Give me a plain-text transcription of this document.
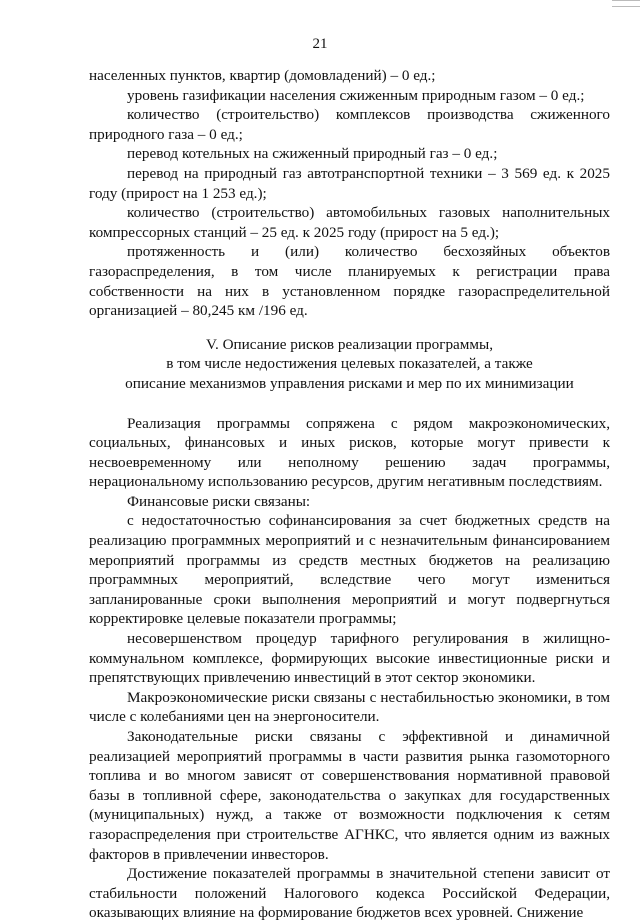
21

населенных пунктов, квартир (домовладений) – 0 ед.;

уровень газификации населения сжиженным природным газом – 0 ед.;

количество (строительство) комплексов производства сжиженного природного газа – 0 ед.;

перевод котельных на сжиженный природный газ – 0 ед.;

перевод на природный газ автотранспортной техники – 3 569 ед. к 2025 году (прирост на 1 253 ед.);

количество (строительство) автомобильных газовых наполнительных компрессорных станций – 25 ед. к 2025 году (прирост на 5 ед.);

протяженность и (или) количество бесхозяйных объектов газораспределения, в том числе планируемых к регистрации права собственности на них в установленном порядке газораспределительной организацией – 80,245 км /196 ед.

V. Описание рисков реализации программы,
в том числе недостижения целевых показателей, а также
описание механизмов управления рисками и мер по их минимизации

Реализация программы сопряжена с рядом макроэкономических, социальных, финансовых и иных рисков, которые могут привести к несвоевременному или неполному решению задач программы, нерациональному использованию ресурсов, другим негативным последствиям.

Финансовые риски связаны:

с недостаточностью софинансирования за счет бюджетных средств на реализацию программных мероприятий и с незначительным финансированием мероприятий программы из средств местных бюджетов на реализацию программных мероприятий, вследствие чего могут измениться запланированные сроки выполнения мероприятий и могут подвергнуться корректировке целевые показатели программы;

несовершенством процедур тарифного регулирования в жилищно-коммунальном комплексе, формирующих высокие инвестиционные риски и препятствующих привлечению инвестиций в этот сектор экономики.

Макроэкономические риски связаны с нестабильностью экономики, в том числе с колебаниями цен на энергоносители.

Законодательные риски связаны с эффективной и динамичной реализацией мероприятий программы в части развития рынка газомоторного топлива и во многом зависят от совершенствования нормативной правовой базы в топливной сфере, законодательства о закупках для государственных (муниципальных) нужд, а также от возможности подключения к сетям газораспределения при строительстве АГНКС, что является одним из важных факторов в привлечении инвесторов.

Достижение показателей программы в значительной степени зависит от стабильности положений Налогового кодекса Российской Федерации, оказывающих влияние на формирование бюджетов всех уровней. Снижение
